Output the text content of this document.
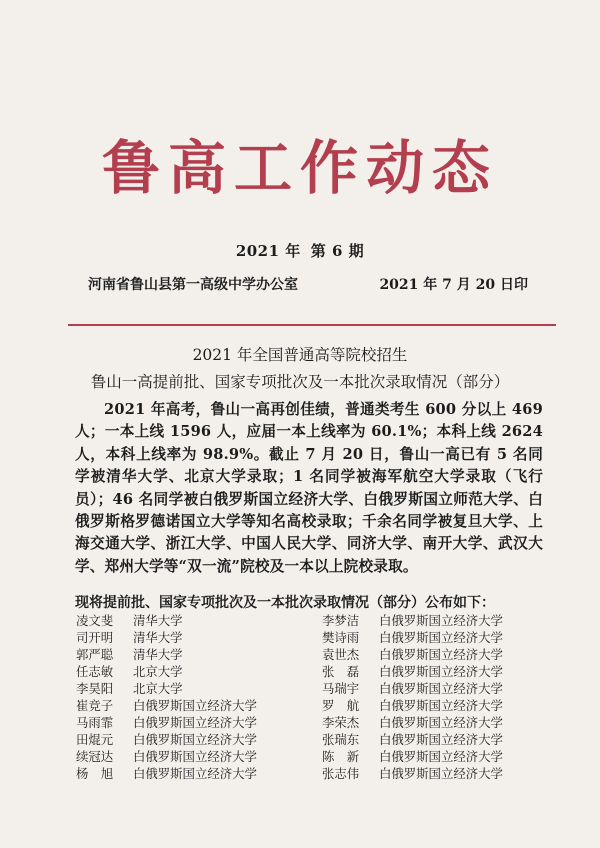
鲁高工作动态
2021 年 第 6 期
河南省鲁山县第一高级中学办公室	2021 年 7 月 20 日印
2021 年全国普通高等院校招生
鲁山一高提前批、国家专项批次及一本批次录取情况（部分）
2021 年高考，鲁山一高再创佳绩，普通类考生 600 分以上 469 人；一本上线 1596 人，应届一本上线率为 60.1%；本科上线 2624 人，本科上线率为 98.9%。截止 7 月 20 日，鲁山一高已有 5 名同学被清华大学、北京大学录取；1 名同学被海军航空大学录取（飞行员）；46 名同学被白俄罗斯国立经济大学、白俄罗斯国立师范大学、白俄罗斯格罗德诺国立大学等知名高校录取；千余名同学被复旦大学、上海交通大学、浙江大学、中国人民大学、同济大学、南开大学、武汉大学、郑州大学等“双一流”院校及一本以上院校录取。
现将提前批、国家专项批次及一本批次录取情况（部分）公布如下：
凌文斐 清华大学
司开明 清华大学
郭严聪 清华大学
任志敏 北京大学
李昊阳 北京大学
崔竞子 白俄罗斯国立经济大学
马雨霏 白俄罗斯国立经济大学
田焜元 白俄罗斯国立经济大学
续冠达 白俄罗斯国立经济大学
杨　旭 白俄罗斯国立经济大学
李梦洁 白俄罗斯国立经济大学
樊诗雨 白俄罗斯国立经济大学
袁世杰 白俄罗斯国立经济大学
张　磊 白俄罗斯国立经济大学
马瑞宇 白俄罗斯国立经济大学
罗　航 白俄罗斯国立经济大学
李荣杰 白俄罗斯国立经济大学
张瑞东 白俄罗斯国立经济大学
陈　新 白俄罗斯国立经济大学
张志伟 白俄罗斯国立经济大学
